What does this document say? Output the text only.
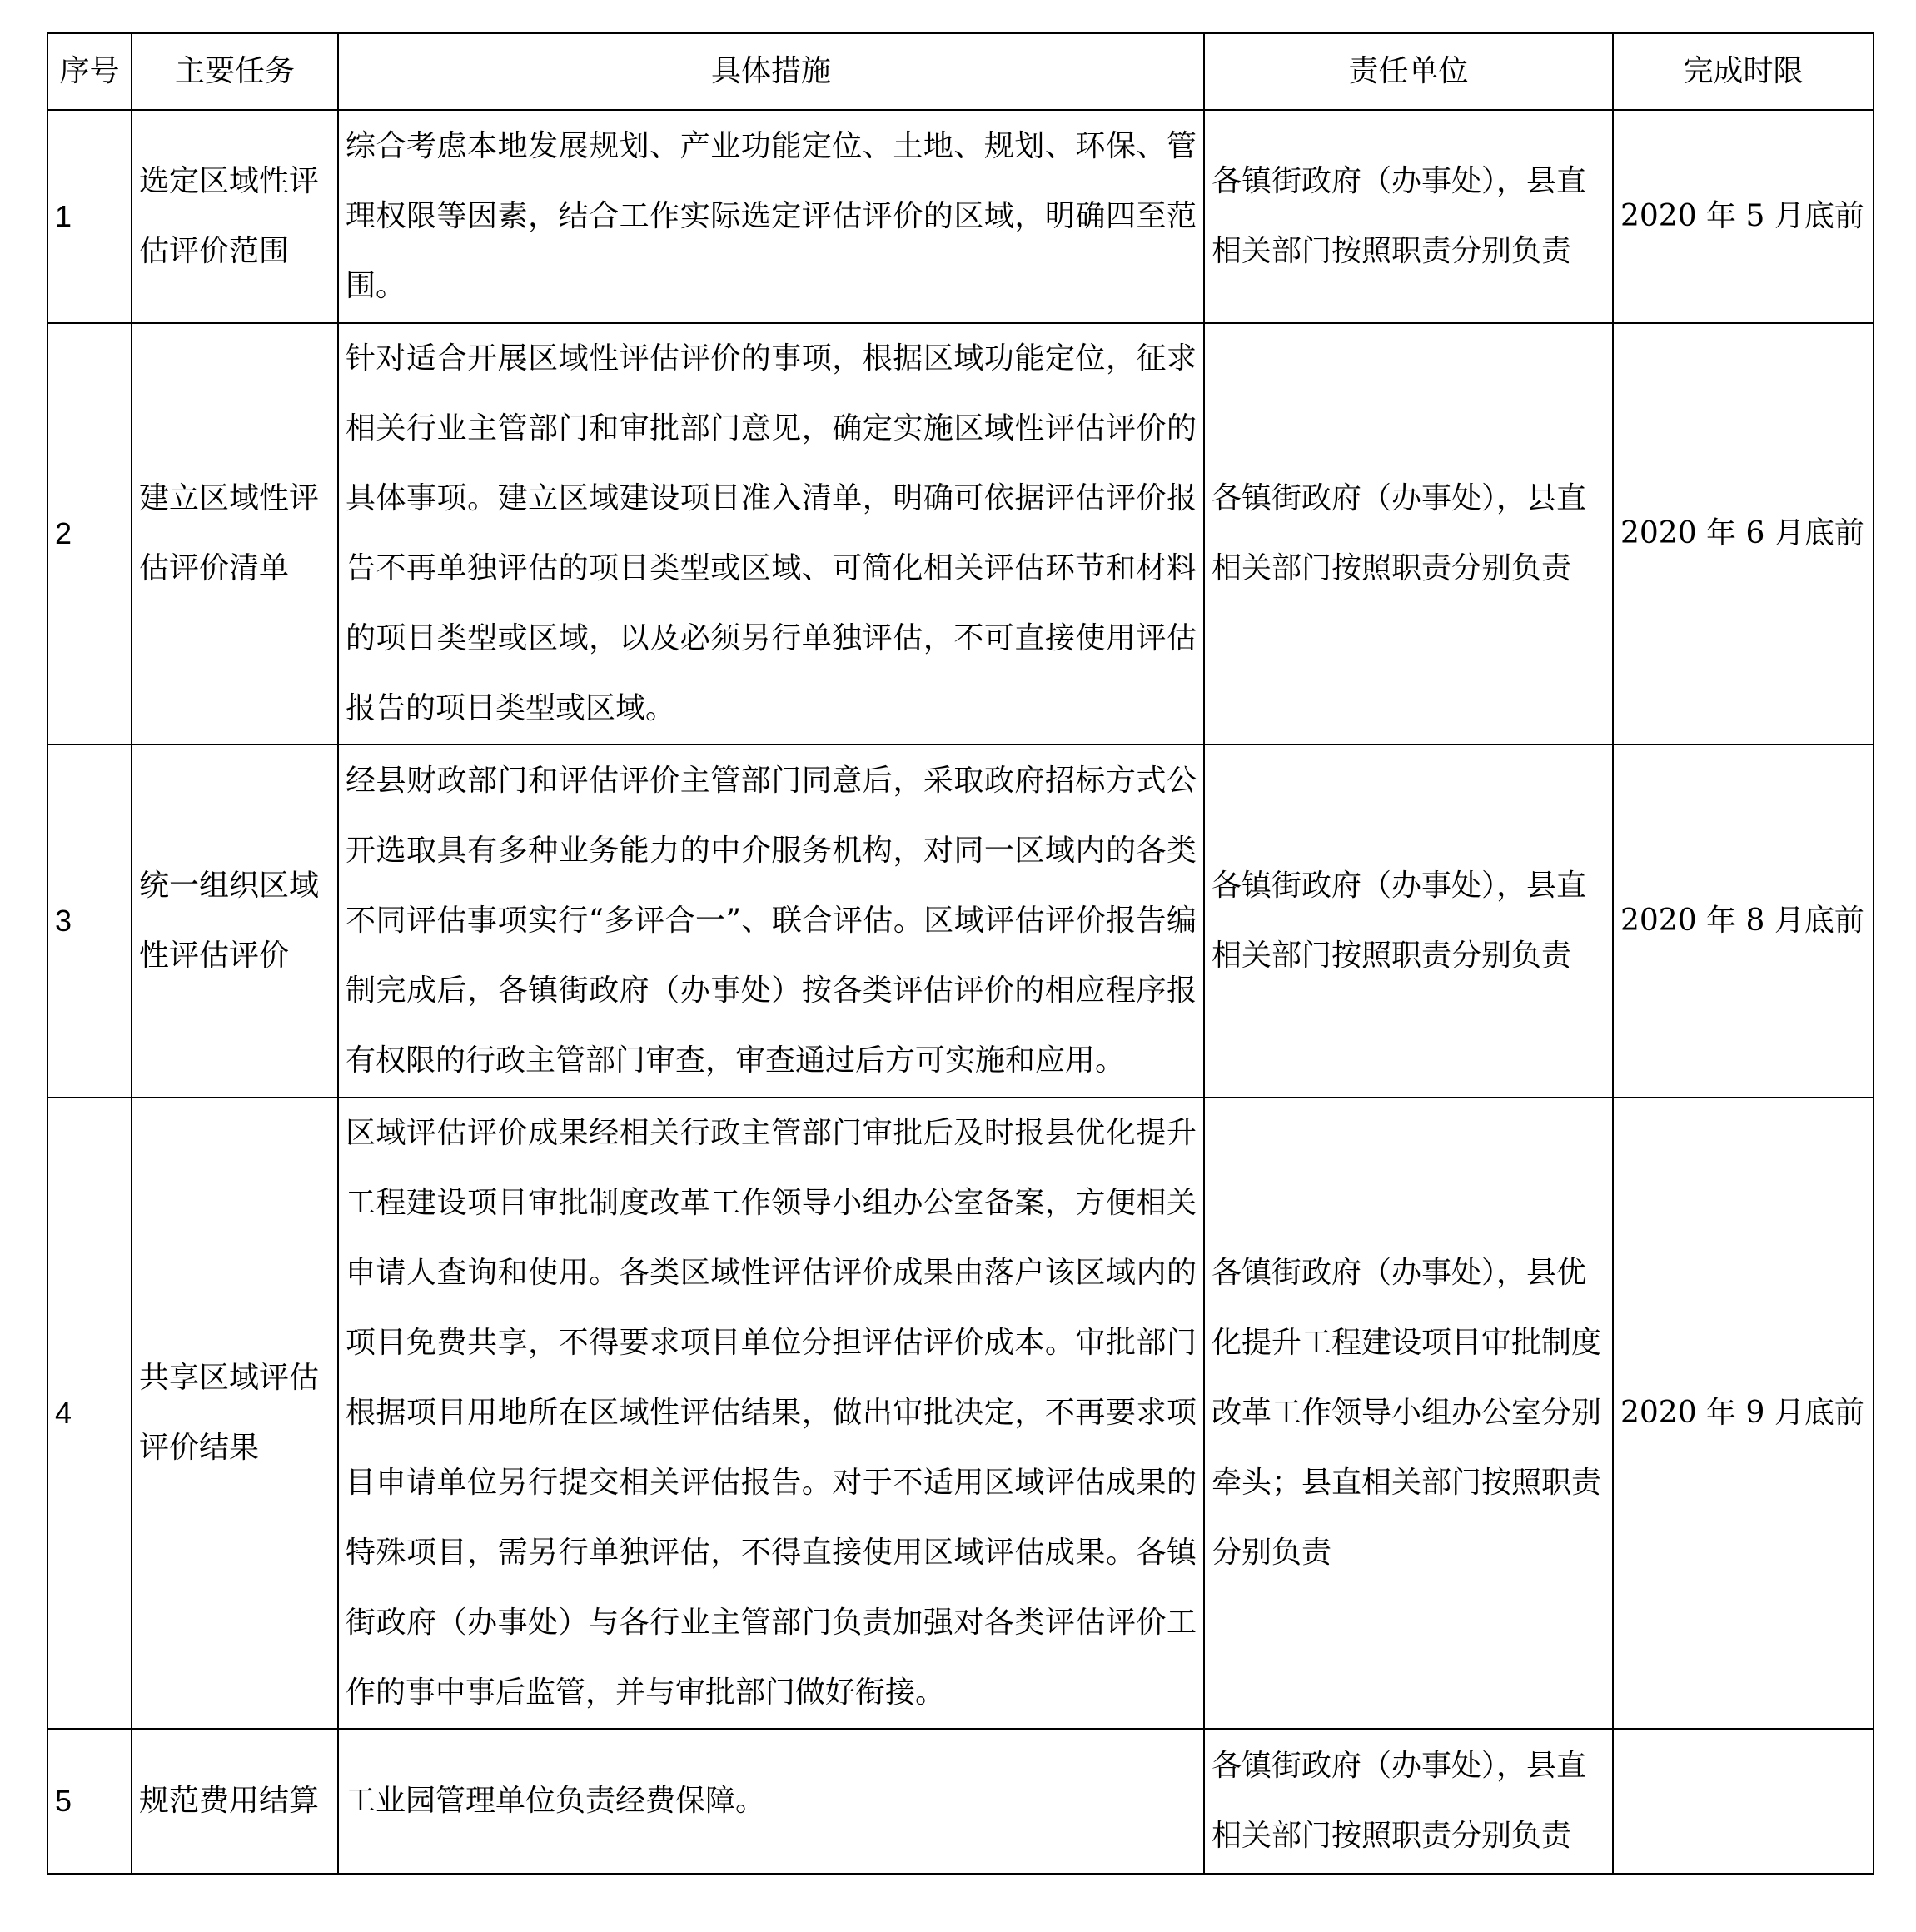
序号	主要任务	具体措施	责任单位	完成时限
1	选定区域性评估评价范围	综合考虑本地发展规划、产业功能定位、土地、规划、环保、管理权限等因素，结合工作实际选定评估评价的区域，明确四至范围。	各镇街政府（办事处），县直相关部门按照职责分别负责	2020 年 5 月底前
2	建立区域性评估评价清单	针对适合开展区域性评估评价的事项，根据区域功能定位，征求相关行业主管部门和审批部门意见，确定实施区域性评估评价的具体事项。建立区域建设项目准入清单，明确可依据评估评价报告不再单独评估的项目类型或区域、可简化相关评估环节和材料的项目类型或区域，以及必须另行单独评估，不可直接使用评估报告的项目类型或区域。	各镇街政府（办事处），县直相关部门按照职责分别负责	2020 年 6 月底前
3	统一组织区域性评估评价	经县财政部门和评估评价主管部门同意后，采取政府招标方式公开选取具有多种业务能力的中介服务机构，对同一区域内的各类不同评估事项实行“多评合一”、联合评估。区域评估评价报告编制完成后，各镇街政府（办事处）按各类评估评价的相应程序报有权限的行政主管部门审查，审查通过后方可实施和应用。	各镇街政府（办事处），县直相关部门按照职责分别负责	2020 年 8 月底前
4	共享区域评估评价结果	区域评估评价成果经相关行政主管部门审批后及时报县优化提升工程建设项目审批制度改革工作领导小组办公室备案，方便相关申请人查询和使用。各类区域性评估评价成果由落户该区域内的项目免费共享，不得要求项目单位分担评估评价成本。审批部门根据项目用地所在区域性评估结果，做出审批决定，不再要求项目申请单位另行提交相关评估报告。对于不适用区域评估成果的特殊项目，需另行单独评估，不得直接使用区域评估成果。各镇街政府（办事处）与各行业主管部门负责加强对各类评估评价工作的事中事后监管，并与审批部门做好衔接。	各镇街政府（办事处），县优化提升工程建设项目审批制度改革工作领导小组办公室分别牵头；县直相关部门按照职责分别负责	2020 年 9 月底前
5	规范费用结算	工业园管理单位负责经费保障。	各镇街政府（办事处），县直相关部门按照职责分别负责	
